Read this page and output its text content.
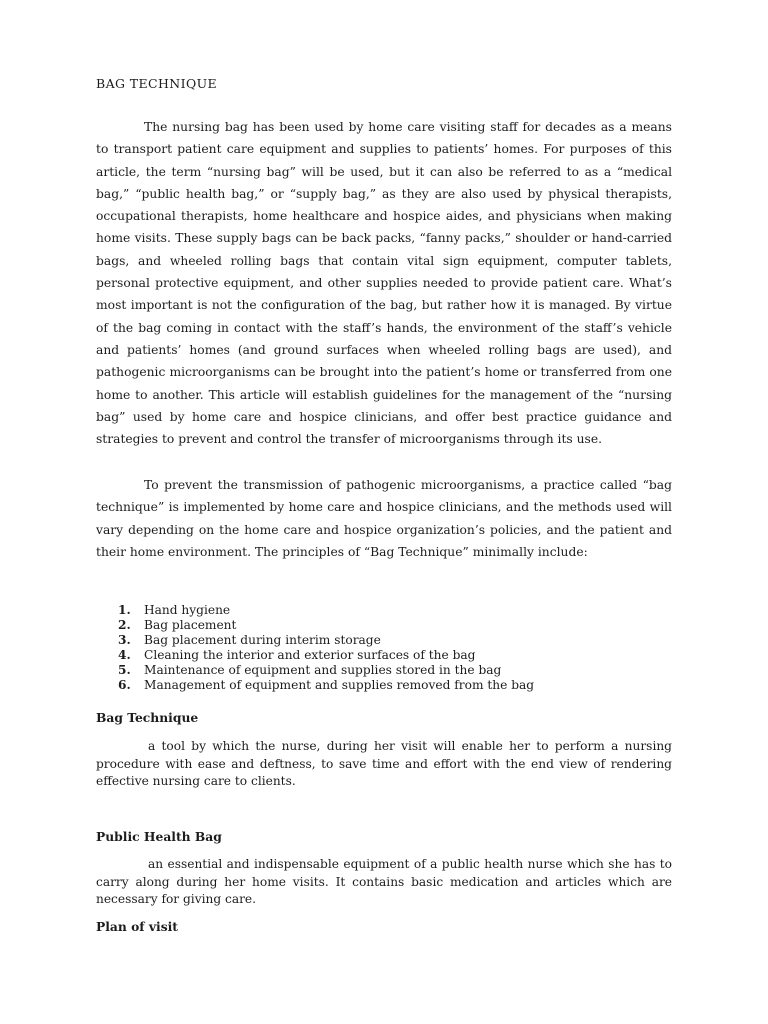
BAG TECHNIQUE

The nursing bag has been used by home care visiting staff for decades as a means to transport patient care equipment and supplies to patients’ homes. For purposes of this article, the term “nursing bag” will be used, but it can also be referred to as a “medical bag,” “public health bag,” or “supply bag,” as they are also used by physical therapists, occupational therapists, home healthcare and hospice aides, and physicians when making home visits. These supply bags can be back packs, “fanny packs,” shoulder or hand-carried bags, and wheeled rolling bags that contain vital sign equipment, computer tablets, personal protective equipment, and other supplies needed to provide patient care. What’s most important is not the configuration of the bag, but rather how it is managed. By virtue of the bag coming in contact with the staff’s hands, the environment of the staff’s vehicle and patients’ homes (and ground surfaces when wheeled rolling bags are used), and pathogenic microorganisms can be brought into the patient’s home or transferred from one home to another. This article will establish guidelines for the management of the “nursing bag” used by home care and hospice clinicians, and offer best practice guidance and strategies to prevent and control the transfer of microorganisms through its use.

To prevent the transmission of pathogenic microorganisms, a practice called “bag technique” is implemented by home care and hospice clinicians, and the methods used will vary depending on the home care and hospice organization’s policies, and the patient and their home environment. The principles of “Bag Technique” minimally include:

1.	Hand hygiene
2.	Bag placement
3.	Bag placement during interim storage
4.	Cleaning the interior and exterior surfaces of the bag
5.	Maintenance of equipment and supplies stored in the bag
6.	Management of equipment and supplies removed from the bag
Bag Technique

a tool by which the nurse, during her visit will enable her to perform a nursing procedure with ease and deftness, to save time and effort with the end view of rendering effective nursing care to clients.

Public Health Bag

an essential and indispensable equipment of a public health nurse which she has to carry along during her home visits. It contains basic medication and articles which are necessary for giving care.

Plan of visit
